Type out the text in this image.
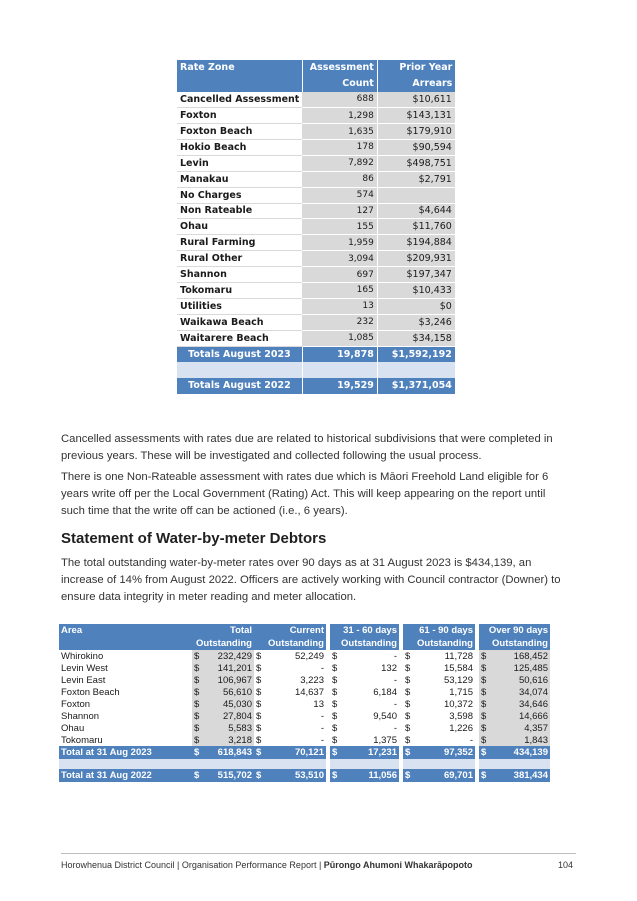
Rate Zone	Assessment	Prior Year
	Count	Arrears
Cancelled Assessment	688	$10,611
Foxton	1,298	$143,131
Foxton Beach	1,635	$179,910
Hokio Beach	178	$90,594
Levin	7,892	$498,751
Manakau	86	$2,791
No Charges	574	
Non Rateable	127	$4,644
Ohau	155	$11,760
Rural Farming	1,959	$194,884
Rural Other	3,094	$209,931
Shannon	697	$197,347
Tokomaru	165	$10,433
Utilities	13	$0
Waikawa Beach	232	$3,246
Waitarere Beach	1,085	$34,158
Totals August 2023	19,878	$1,592,192

Totals August 2022	19,529	$1,371,054

Cancelled assessments with rates due are related to historical subdivisions that were completed in previous years. These will be investigated and collected following the usual process.

There is one Non-Rateable assessment with rates due which is Māori Freehold Land eligible for 6 years write off per the Local Government (Rating) Act. This will keep appearing on the report until such time that the write off can be actioned (i.e., 6 years).

Statement of Water-by-meter Debtors

The total outstanding water-by-meter rates over 90 days as at 31 August 2023 is $434,139, an increase of 14% from August 2022. Officers are actively working with Council contractor (Downer) to ensure data integrity in meter reading and meter allocation.

Area	Total		Current		31 - 60 days		61 - 90 days		Over 90 days	
	Outstanding		Outstanding		Outstanding		Outstanding		Outstanding	
Whirokino	$	232,429	$	52,249	$	-	$	11,728	$	168,452
Levin West	$	141,201	$	-	$	132	$	15,584	$	125,485
Levin East	$	106,967	$	3,223	$	-	$	53,129	$	50,616
Foxton Beach	$	56,610	$	14,637	$	6,184	$	1,715	$	34,074
Foxton	$	45,030	$	13	$	-	$	10,372	$	34,646
Shannon	$	27,804	$	-	$	9,540	$	3,598	$	14,666
Ohau	$	5,583	$	-	$	-	$	1,226	$	4,357
Tokomaru	$	3,218	$	-	$	1,375	$	-	$	1,843
Total at 31 Aug 2023	$	618,843	$	70,121	$	17,231	$	97,352	$	434,139

Total at 31 Aug 2022	$	515,702	$	53,510	$	11,056	$	69,701	$	381,434
Horowhenua District Council | Organisation Performance Report | Pūrongo Ahumoni Whakarāpopoto	104
